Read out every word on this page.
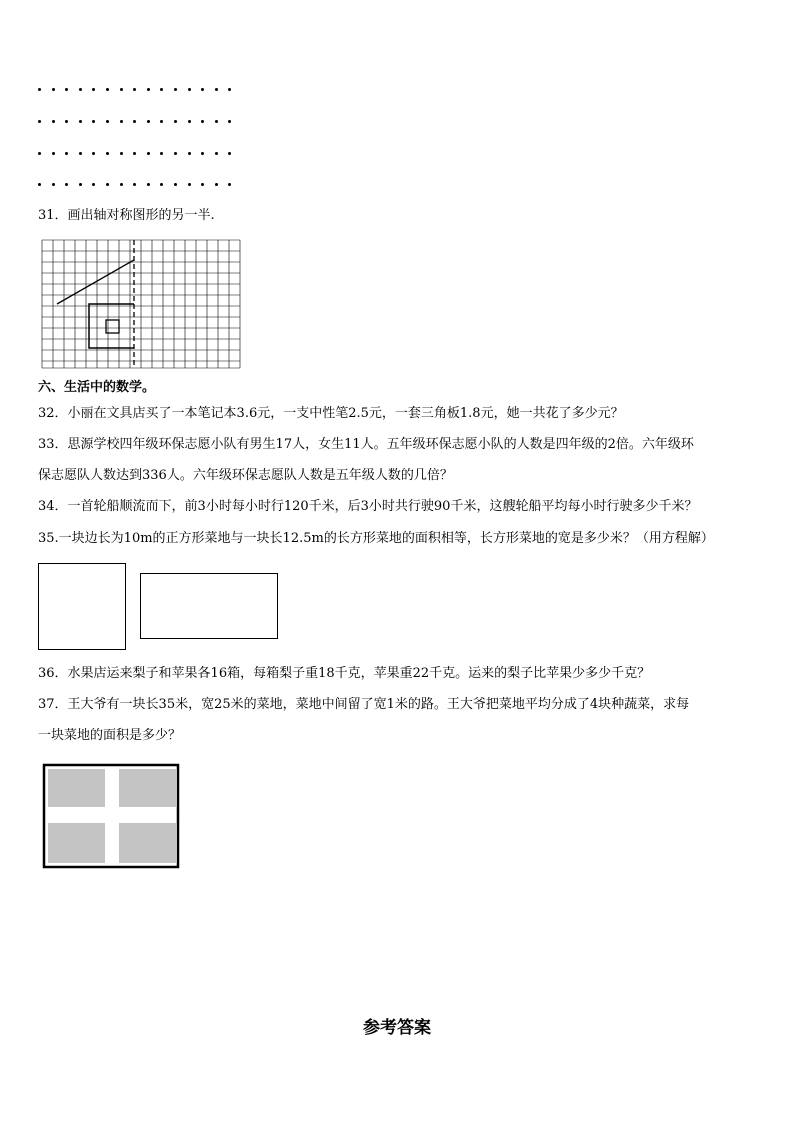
31．画出轴对称图形的另一半.
六、生活中的数学。
32．小丽在文具店买了一本笔记本3.6元，一支中性笔2.5元，一套三角板1.8元，她一共花了多少元？
33．思源学校四年级环保志愿小队有男生17人，女生11人。五年级环保志愿小队的人数是四年级的2倍。六年级环
保志愿队人数达到336人。六年级环保志愿队人数是五年级人数的几倍？
34．一首轮船顺流而下，前3小时每小时行120千米，后3小时共行驶90千米，这艘轮船平均每小时行驶多少千米？
35.一块边长为10m的正方形菜地与一块长12.5m的长方形菜地的面积相等，长方形菜地的宽是多少米？（用方程解）
36．水果店运来梨子和苹果各16箱，每箱梨子重18千克，苹果重22千克。运来的梨子比苹果少多少千克？
37．王大爷有一块长35米，宽25米的菜地，菜地中间留了宽1米的路。王大爷把菜地平均分成了4块种蔬菜，求每
一块菜地的面积是多少？
参考答案
